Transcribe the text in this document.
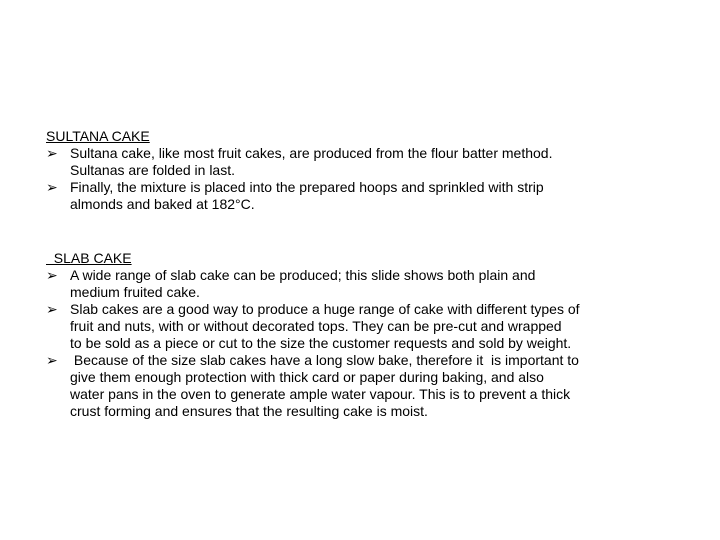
SULTANA CAKE
➢ Sultana cake, like most fruit cakes, are produced from the flour batter method.
Sultanas are folded in last.
➢ Finally, the mixture is placed into the prepared hoops and sprinkled with strip
almonds and baked at 182°C.
SLAB CAKE
➢ A wide range of slab cake can be produced; this slide shows both plain and
medium fruited cake.
➢ Slab cakes are a good way to produce a huge range of cake with different types of
fruit and nuts, with or without decorated tops. They can be pre-cut and wrapped
to be sold as a piece or cut to the size the customer requests and sold by weight.
➢ Because of the size slab cakes have a long slow bake, therefore it  is important to
give them enough protection with thick card or paper during baking, and also
water pans in the oven to generate ample water vapour. This is to prevent a thick
crust forming and ensures that the resulting cake is moist.
